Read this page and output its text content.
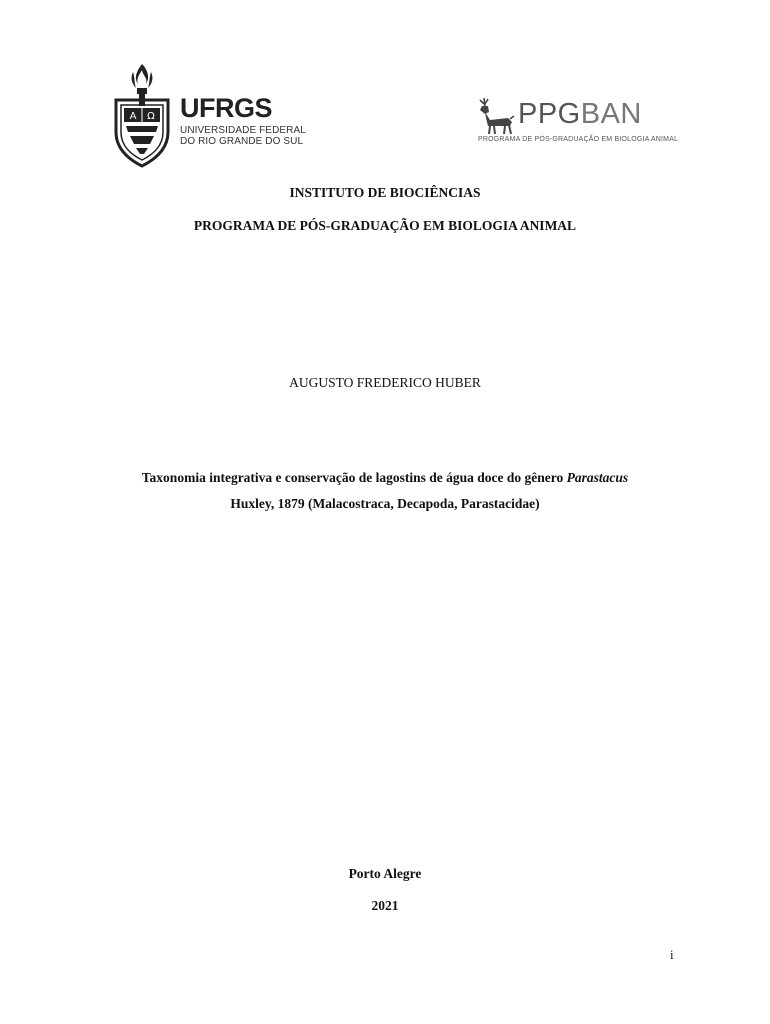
A Ω UFRGS
UNIVERSIDADE FEDERAL
DO RIO GRANDE DO SUL
PPGBAN
PROGRAMA DE PÓS-GRADUAÇÃO EM BIOLOGIA ANIMAL
INSTITUTO DE BIOCIÊNCIAS
PROGRAMA DE PÓS-GRADUAÇÃO EM BIOLOGIA ANIMAL
AUGUSTO FREDERICO HUBER
Taxonomia integrativa e conservação de lagostins de água doce do gênero Parastacus
Huxley, 1879 (Malacostraca, Decapoda, Parastacidae)
Porto Alegre
2021
i
